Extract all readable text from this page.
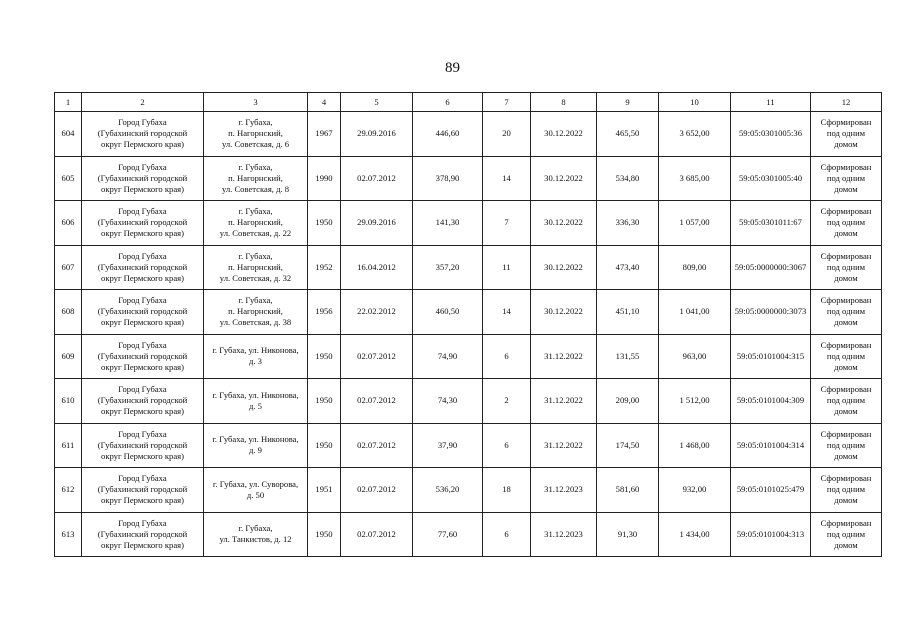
89
1	2	3	4	5	6	7	8	9	10	11	12
604	Город Губаха
(Губахинский городской
округ Пермского края)	г. Губаха,
п. Нагорнский,
ул. Советская, д. 6	1967	29.09.2016	446,60	20	30.12.2022	465,50	3 652,00	59:05:0301005:36	Сформирован
под одним
домом

605	Город Губаха
(Губахинский городской
округ Пермского края)	г. Губаха,
п. Нагорнский,
ул. Советская, д. 8	1990	02.07.2012	378,90	14	30.12.2022	534,80	3 685,00	59:05:0301005:40	Сформирован
под одним
домом

606	Город Губаха
(Губахинский городской
округ Пермского края)	г. Губаха,
п. Нагорнский,
ул. Советская, д. 22	1950	29.09.2016	141,30	7	30.12.2022	336,30	1 057,00	59:05:0301011:67	Сформирован
под одним
домом

607	Город Губаха
(Губахинский городской
округ Пермского края)	г. Губаха,
п. Нагорнский,
ул. Советская, д. 32	1952	16.04.2012	357,20	11	30.12.2022	473,40	809,00	59:05:0000000:3067	Сформирован
под одним
домом

608	Город Губаха
(Губахинский городской
округ Пермского края)	г. Губаха,
п. Нагорнский,
ул. Советская, д. 38	1956	22.02.2012	460,50	14	30.12.2022	451,10	1 041,00	59:05:0000000:3073	Сформирован
под одним
домом

609	Город Губаха
(Губахинский городской
округ Пермского края)	г. Губаха, ул. Никонова,
д. 3	1950	02.07.2012	74,90	6	31.12.2022	131,55	963,00	59:05:0101004:315	Сформирован
под одним
домом

610	Город Губаха
(Губахинский городской
округ Пермского края)	г. Губаха, ул. Никонова,
д. 5	1950	02.07.2012	74,30	2	31.12.2022	209,00	1 512,00	59:05:0101004:309	Сформирован
под одним
домом

611	Город Губаха
(Губахинский городской
округ Пермского края)	г. Губаха, ул. Никонова,
д. 9	1950	02.07.2012	37,90	6	31.12.2022	174,50	1 468,00	59:05:0101004:314	Сформирован
под одним
домом

612	Город Губаха
(Губахинский городской
округ Пермского края)	г. Губаха, ул. Суворова,
д. 50	1951	02.07.2012	536,20	18	31.12.2023	581,60	932,00	59:05:0101025:479	Сформирован
под одним
домом

613	Город Губаха
(Губахинский городской
округ Пермского края)	г. Губаха,
ул. Танкистов, д. 12	1950	02.07.2012	77,60	6	31.12.2023	91,30	1 434,00	59:05:0101004:313	Сформирован
под одним
домом
